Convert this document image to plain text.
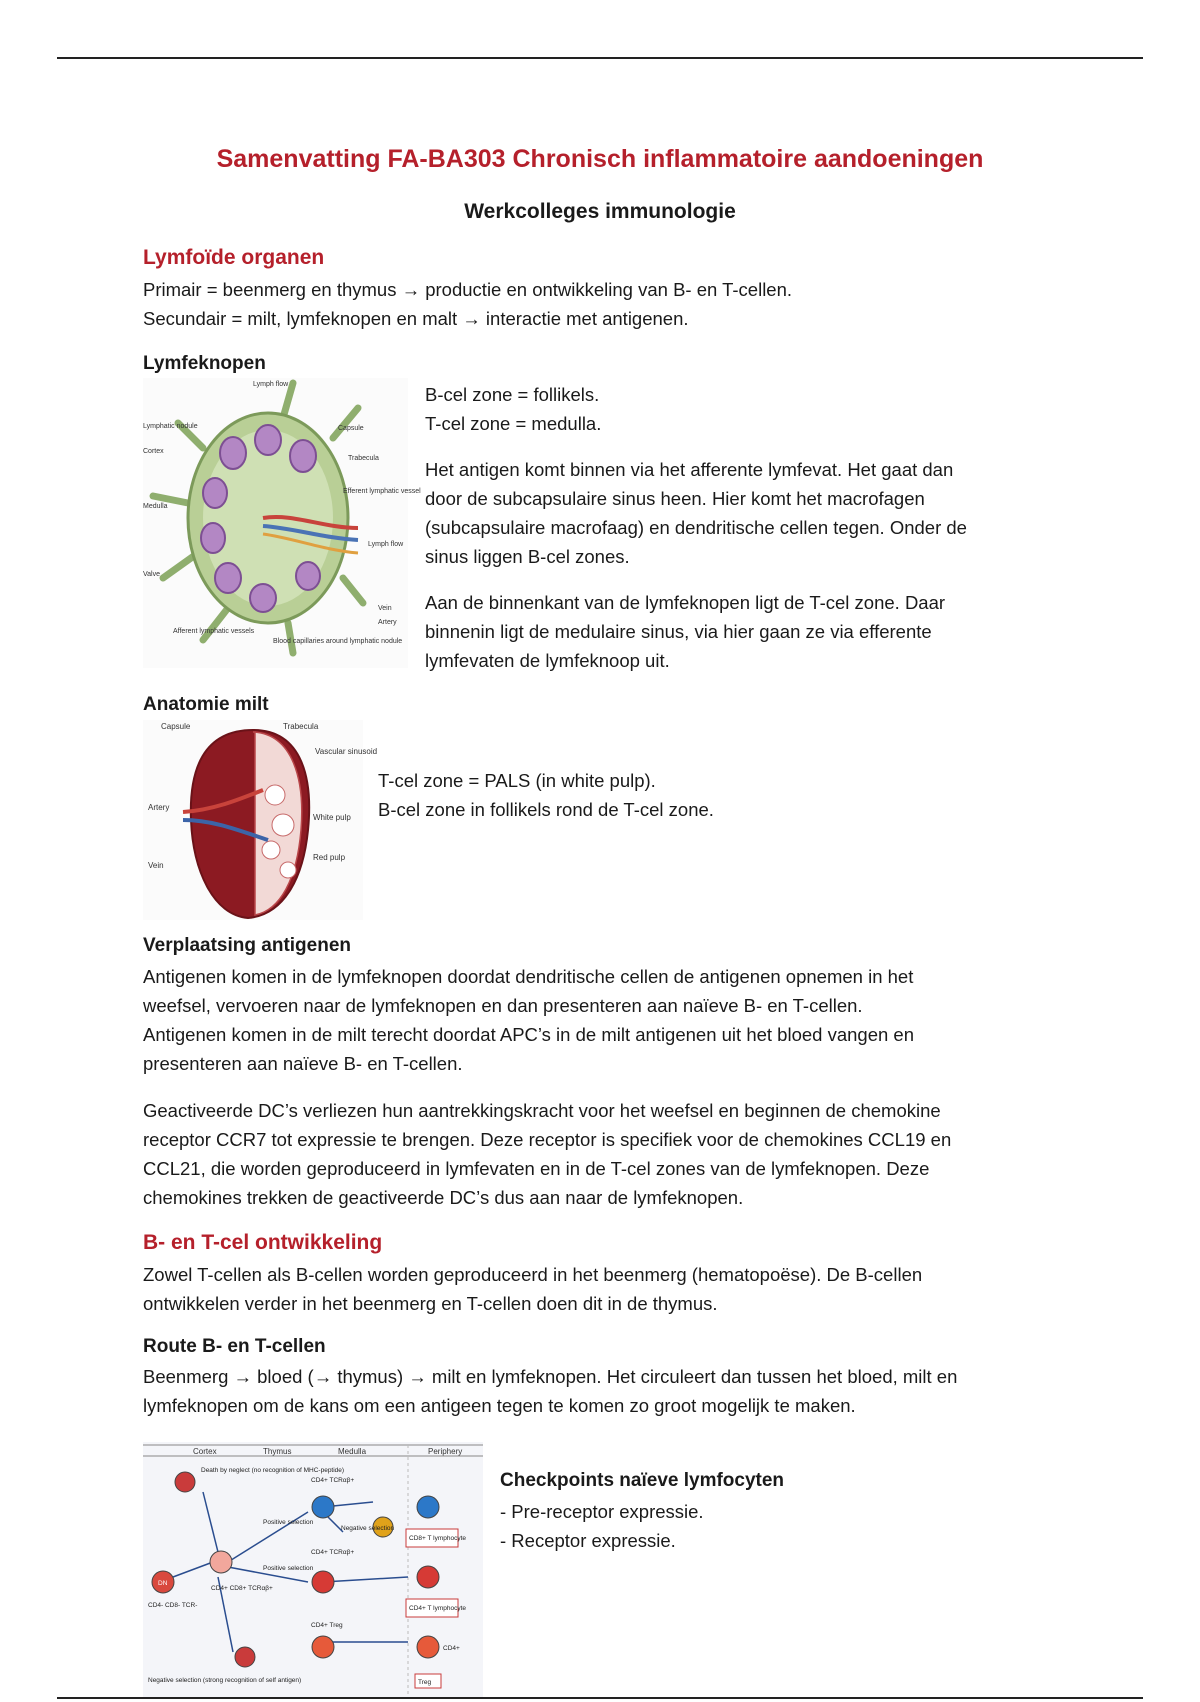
Samenvatting FA-BA303 Chronisch inflammatoire aandoeningen
Werkcolleges immunologie
Lymfoïde organen
Primair = beenmerg en thymus → productie en ontwikkeling van B- en T-cellen.
Secundair = milt, lymfeknopen en malt → interactie met antigenen.
Lymfeknopen
Lymph flow
Lymphatic nodule
Cortex
Medulla
Valve
Afferent lymphatic vessels
Capsule
Trabecula
Efferent lymphatic vessel
Lymph flow
Vein
Artery
Blood capillaries around lymphatic nodule
B-cel zone = follikels.
T-cel zone = medulla.
Het antigen komt binnen via het afferente lymfevat. Het gaat dan
door de subcapsulaire sinus heen. Hier komt het macrofagen
(subcapsulaire macrofaag) en dendritische cellen tegen. Onder de
sinus liggen B-cel zones.
Aan de binnenkant van de lymfeknopen ligt de T-cel zone. Daar
binnenin ligt de medulaire sinus, via hier gaan ze via efferente
lymfevaten de lymfeknoop uit.
Anatomie milt
Capsule	Trabecula
Vascular sinusoid
Artery
White pulp
Red pulp
Vein
T-cel zone = PALS (in white pulp).
B-cel zone in follikels rond de T-cel zone.
Verplaatsing antigenen
Antigenen komen in de lymfeknopen doordat dendritische cellen de antigenen opnemen in het
weefsel, vervoeren naar de lymfeknopen en dan presenteren aan naïeve B- en T-cellen.
Antigenen komen in de milt terecht doordat APC’s in de milt antigenen uit het bloed vangen en
presenteren aan naïeve B- en T-cellen.
Geactiveerde DC’s verliezen hun aantrekkingskracht voor het weefsel en beginnen de chemokine
receptor CCR7 tot expressie te brengen. Deze receptor is specifiek voor de chemokines CCL19 en
CCL21, die worden geproduceerd in lymfevaten en in de T-cel zones van de lymfeknopen. Deze
chemokines trekken de geactiveerde DC’s dus aan naar de lymfeknopen.
B- en T-cel ontwikkeling
Zowel T-cellen als B-cellen worden geproduceerd in het beenmerg (hematopoëse). De B-cellen
ontwikkelen verder in het beenmerg en T-cellen doen dit in de thymus.
Route B- en T-cellen
Beenmerg → bloed (→ thymus) → milt en lymfeknopen. Het circuleert dan tussen het bloed, milt en
lymfeknopen om de kans om een antigeen tegen te komen zo groot mogelijk te maken.
Cortex	Thymus	Medulla	Periphery
Death by neglect (no recognition of MHC-peptide)
Positive selection
Positive selection
Negative selection
Negative selection (strong recognition of self antigen)
CD4+ TCRαβ+
CD4+ TCRαβ+
DN
CD4- CD8- TCR-
CD4+ CD8+ TCRαβ+
CD4+ Treg
CD8+ T lymphocyte
CD4+ T lymphocyte
CD4+
Treg
Checkpoints naïeve lymfocyten
- Pre-receptor expressie.
- Receptor expressie.
